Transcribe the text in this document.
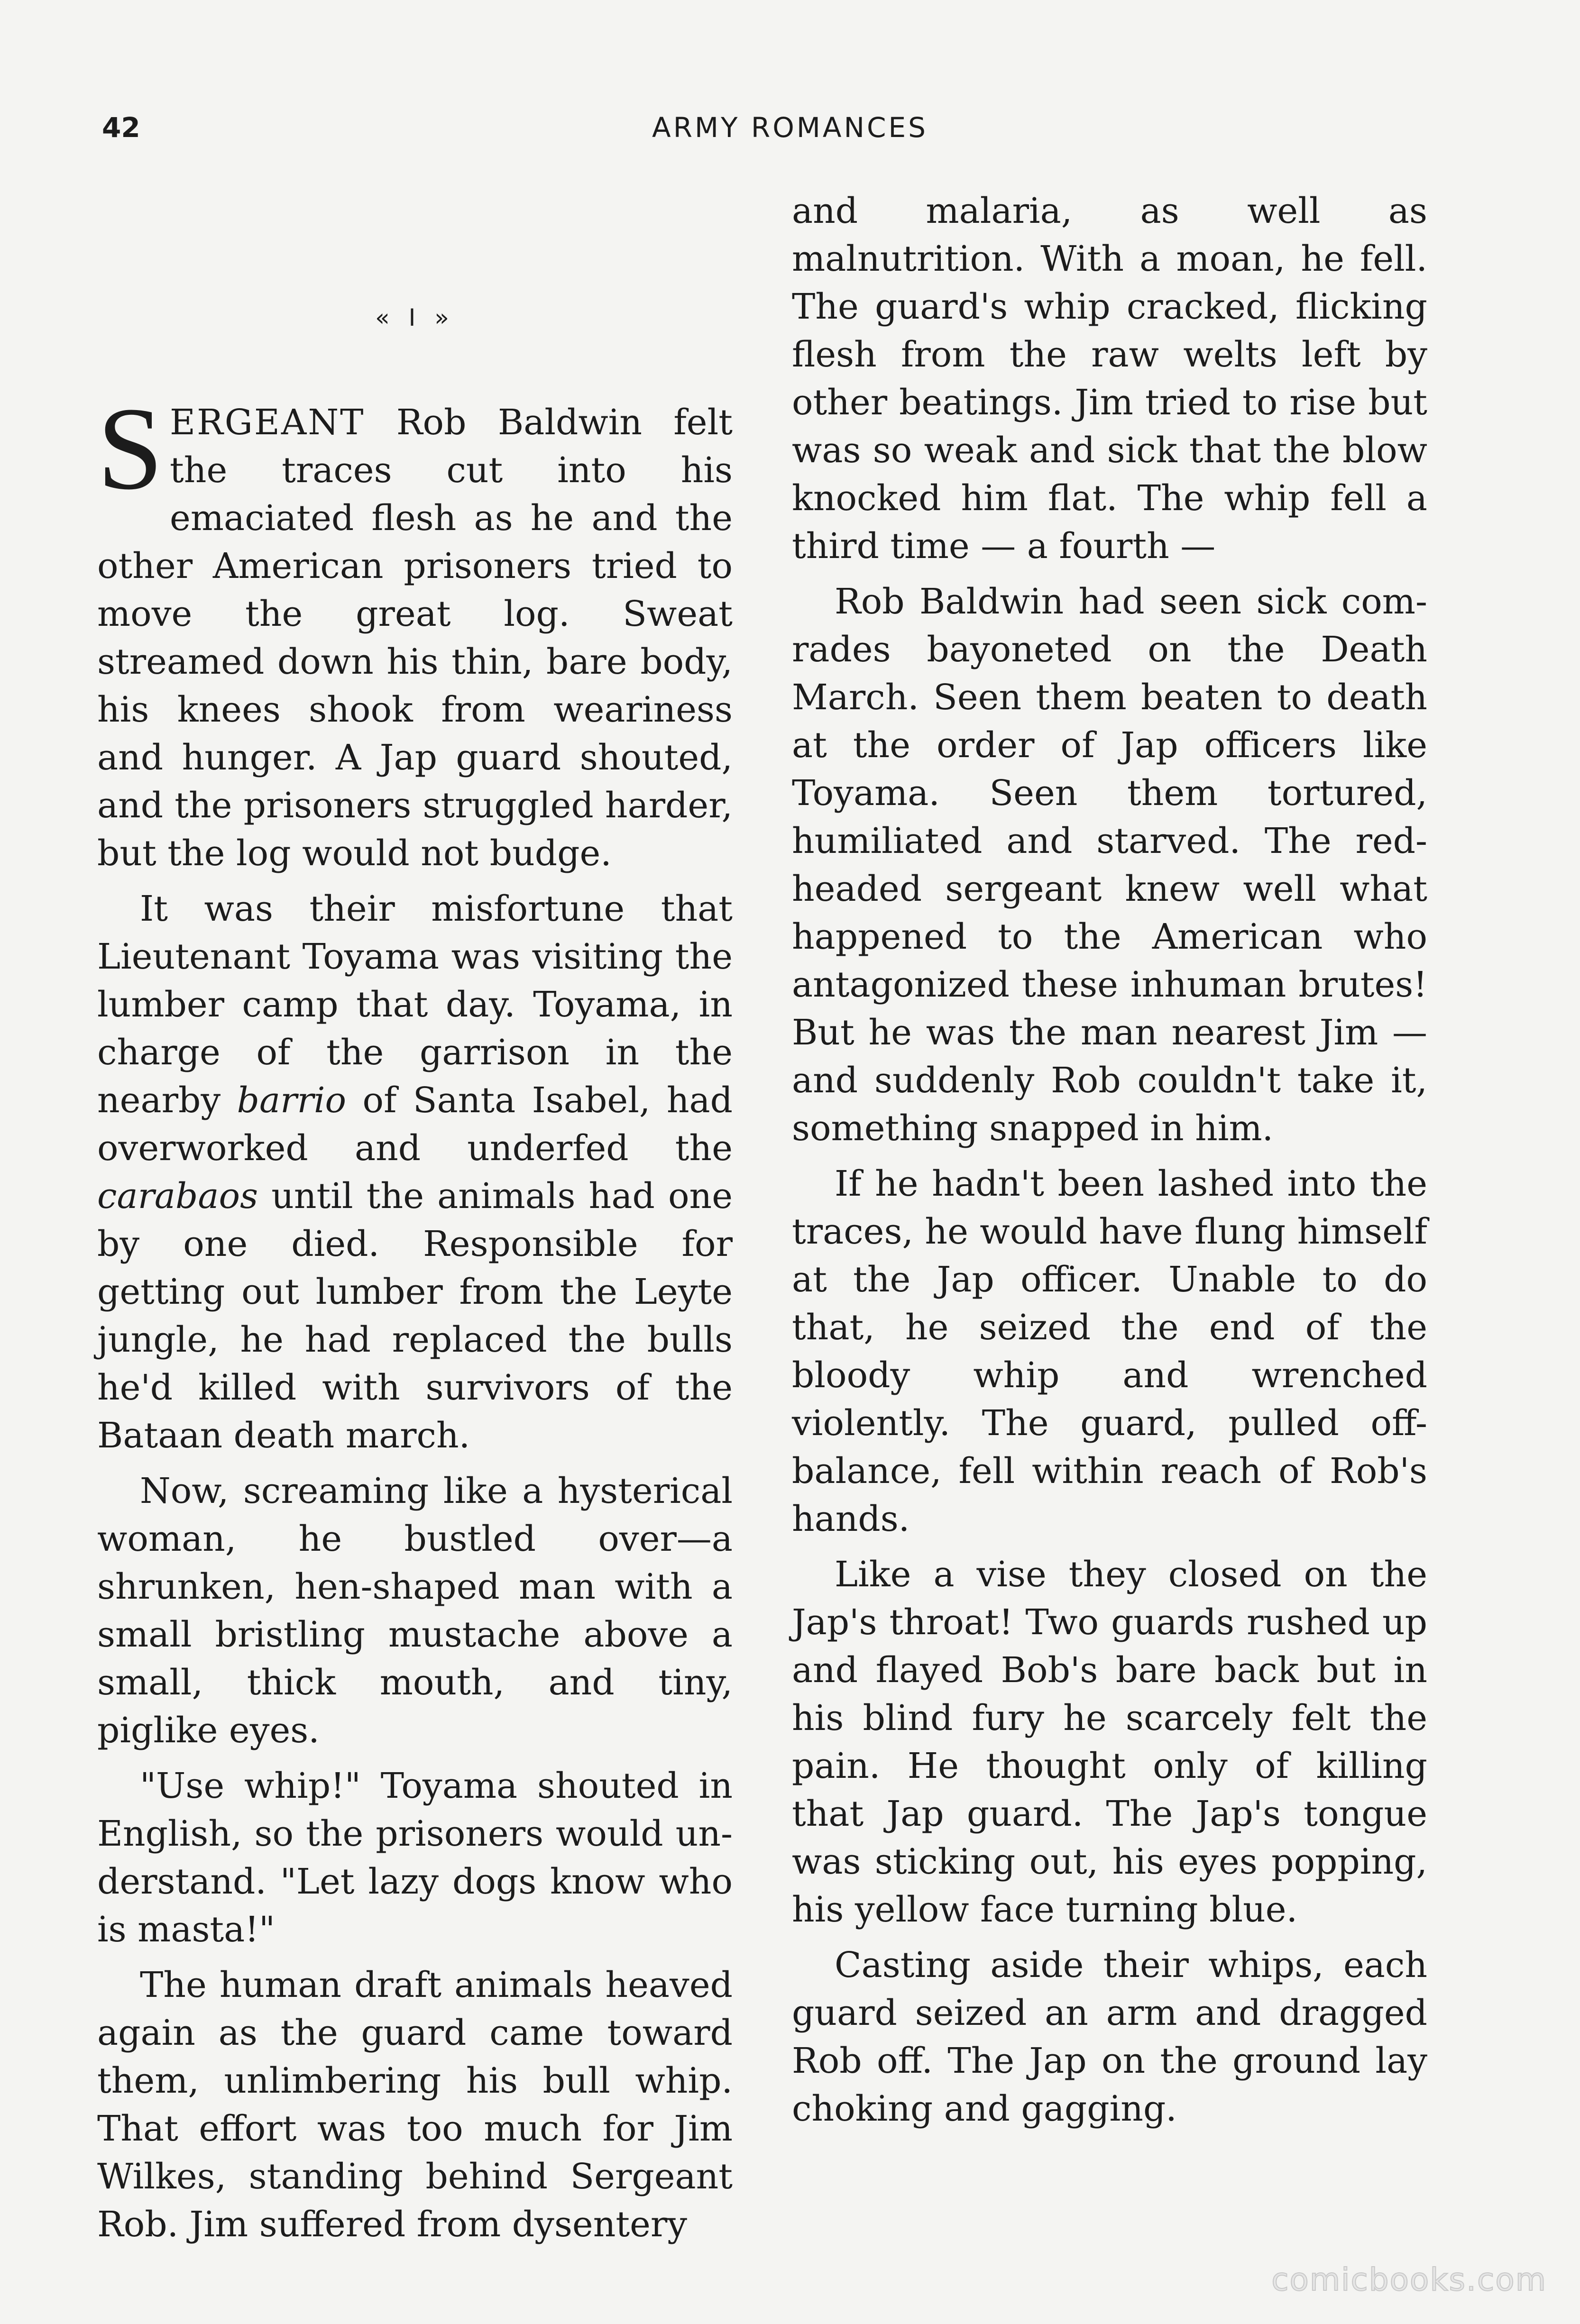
42	ARMY ROMANCES
« I »

SERGEANT Rob Baldwin felt the traces cut into his emaciated flesh as he and the other American prisoners tried to move the great log. Sweat streamed down his thin, bare body, his knees shook from weariness and hunger. A Jap guard shouted, and the prisoners struggled harder, but the log would not budge.

It was their misfortune that Lieutenant Toyama was visiting the lumber camp that day. Toyama, in charge of the garrison in the nearby barrio of Santa Isabel, had overworked and underfed the carabaos until the animals had one by one died. Responsible for getting out lumber from the Leyte jungle, he had replaced the bulls he'd killed with survivors of the Bataan death march.

Now, screaming like a hysterical woman, he bustled over—a shrunken, hen-shaped man with a small bristling mustache above a small, thick mouth, and tiny, piglike eyes.

"Use whip!" Toyama shouted in English, so the prisoners would understand. "Let lazy dogs know who is masta!"

The human draft animals heaved again as the guard came toward them, unlimbering his bull whip. That effort was too much for Jim Wilkes, standing behind Sergeant Rob. Jim suffered from dysentery

and malaria, as well as malnutrition. With a moan, he fell. The guard's whip cracked, flicking flesh from the raw welts left by other beatings. Jim tried to rise but was so weak and sick that the blow knocked him flat. The whip fell a third time — a fourth —

Rob Baldwin had seen sick comrades bayoneted on the Death March. Seen them beaten to death at the order of Jap officers like Toyama. Seen them tortured, humiliated and starved. The red-headed sergeant knew well what happened to the American who antagonized these inhuman brutes! But he was the man nearest Jim — and suddenly Rob couldn't take it, something snapped in him.

If he hadn't been lashed into the traces, he would have flung himself at the Jap officer. Unable to do that, he seized the end of the bloody whip and wrenched violently. The guard, pulled off-balance, fell within reach of Rob's hands.

Like a vise they closed on the Jap's throat! Two guards rushed up and flayed Bob's bare back but in his blind fury he scarcely felt the pain. He thought only of killing that Jap guard. The Jap's tongue was sticking out, his eyes popping, his yellow face turning blue.

Casting aside their whips, each guard seized an arm and dragged Rob off. The Jap on the ground lay choking and gagging.

comicbooks.com
